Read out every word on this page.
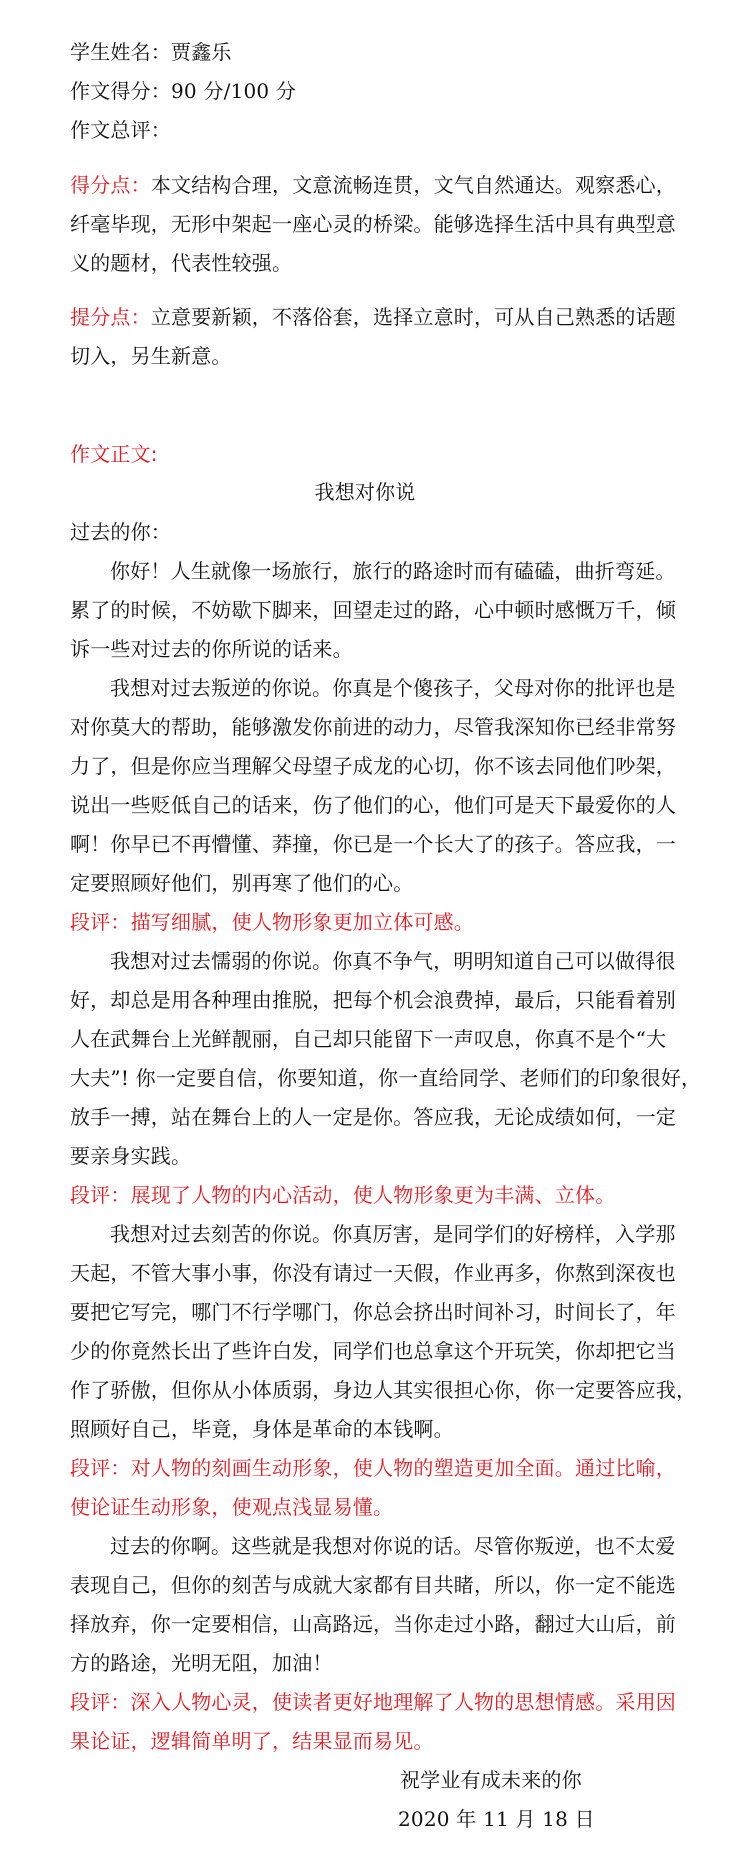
学生姓名：贾鑫乐
作文得分：90 分/100 分
作文总评：
得分点：本文结构合理，文意流畅连贯，文气自然通达。观察悉心，
纤毫毕现，无形中架起一座心灵的桥梁。能够选择生活中具有典型意
义的题材，代表性较强。
提分点：立意要新颖，不落俗套，选择立意时，可从自己熟悉的话题
切入，另生新意。
作文正文:
我想对你说
过去的你：
你好！人生就像一场旅行，旅行的路途时而有磕磕，曲折弯延。
累了的时候，不妨歇下脚来，回望走过的路，心中顿时感慨万千，倾
诉一些对过去的你所说的话来。
我想对过去叛逆的你说。你真是个傻孩子，父母对你的批评也是
对你莫大的帮助，能够激发你前进的动力，尽管我深知你已经非常努
力了，但是你应当理解父母望子成龙的心切，你不该去同他们吵架，
说出一些贬低自己的话来，伤了他们的心，他们可是天下最爱你的人
啊！你早已不再懵懂、莽撞，你已是一个长大了的孩子。答应我，一
定要照顾好他们，别再寒了他们的心。
段评：描写细腻，使人物形象更加立体可感。
我想对过去懦弱的你说。你真不争气，明明知道自己可以做得很
好，却总是用各种理由推脱，把每个机会浪费掉，最后，只能看着别
人在武舞台上光鲜靓丽，自己却只能留下一声叹息，你真不是个“大
大夫”! 你一定要自信，你要知道，你一直给同学、老师们的印象很好，
放手一搏，站在舞台上的人一定是你。答应我，无论成绩如何，一定
要亲身实践。
段评：展现了人物的内心活动，使人物形象更为丰满、立体。
我想对过去刻苦的你说。你真厉害，是同学们的好榜样，入学那
天起，不管大事小事，你没有请过一天假，作业再多，你熬到深夜也
要把它写完，哪门不行学哪门，你总会挤出时间补习，时间长了，年
少的你竟然长出了些许白发，同学们也总拿这个开玩笑，你却把它当
作了骄傲，但你从小体质弱，身边人其实很担心你，你一定要答应我，
照顾好自己，毕竟，身体是革命的本钱啊。
段评：对人物的刻画生动形象，使人物的塑造更加全面。通过比喻，
使论证生动形象，使观点浅显易懂。
过去的你啊。这些就是我想对你说的话。尽管你叛逆，也不太爱
表现自己，但你的刻苦与成就大家都有目共睹，所以，你一定不能选
择放弃，你一定要相信，山高路远，当你走过小路，翻过大山后，前
方的路途，光明无阻，加油！
段评：深入人物心灵，使读者更好地理解了人物的思想情感。采用因
果论证，逻辑简单明了，结果显而易见。
祝学业有成未来的你
2020 年 11 月 18 日
